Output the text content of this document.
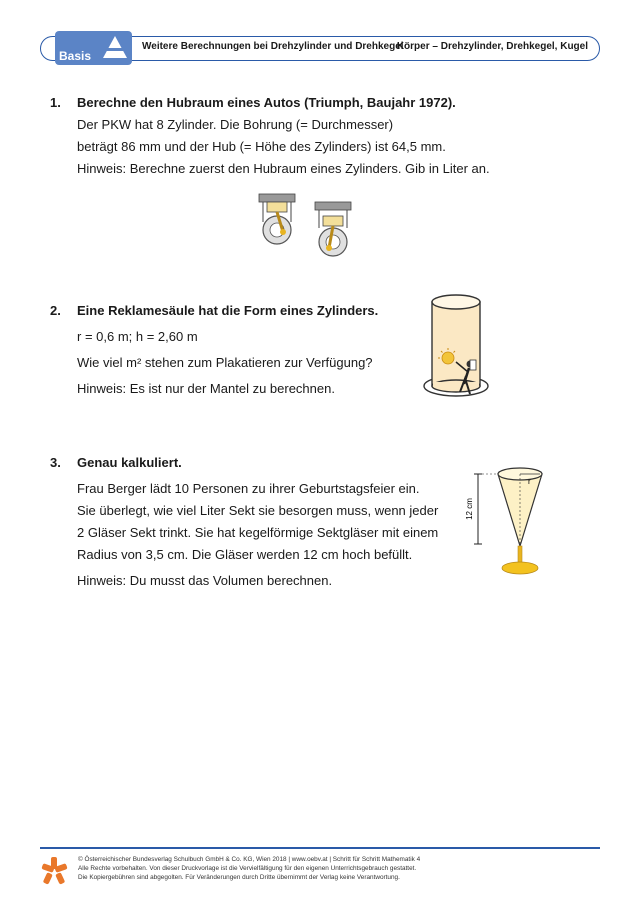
Basis
Weitere Berechnungen bei Drehzylinder und Drehkegel
Körper – Drehzylinder, Drehkegel, Kugel
1. Berechne den Hubraum eines Autos (Triumph, Baujahr 1972).

Der PKW hat 8 Zylinder. Die Bohrung (= Durchmesser)

beträgt 86 mm und der Hub (= Höhe des Zylinders) ist 64,5 mm.

Hinweis: Berechne zuerst den Hubraum eines Zylinders. Gib in Liter an.

2. Eine Reklamesäule hat die Form eines Zylinders.

r = 0,6 m; h = 2,60 m

Wie viel m² stehen zum Plakatieren zur Verfügung?

Hinweis: Es ist nur der Mantel zu berechnen.

3. Genau kalkuliert.

Frau Berger lädt 10 Personen zu ihrer Geburtstagsfeier ein.

Sie überlegt, wie viel Liter Sekt sie besorgen muss, wenn jeder

2 Gläser Sekt trinkt. Sie hat kegelförmige Sektgläser mit einem

Radius von 3,5 cm. Die Gläser werden 12 cm hoch befüllt.

Hinweis: Du musst das Volumen berechnen.

12 cm
r

© Österreichischer Bundesverlag Schulbuch GmbH & Co. KG, Wien 2018 | www.oebv.at | Schritt für Schritt Mathematik 4

Alle Rechte vorbehalten. Von dieser Druckvorlage ist die Vervielfältigung für den eigenen Unterrichtsgebrauch gestattet.

Die Kopiergebühren sind abgegolten. Für Veränderungen durch Dritte übernimmt der Verlag keine Verantwortung.
